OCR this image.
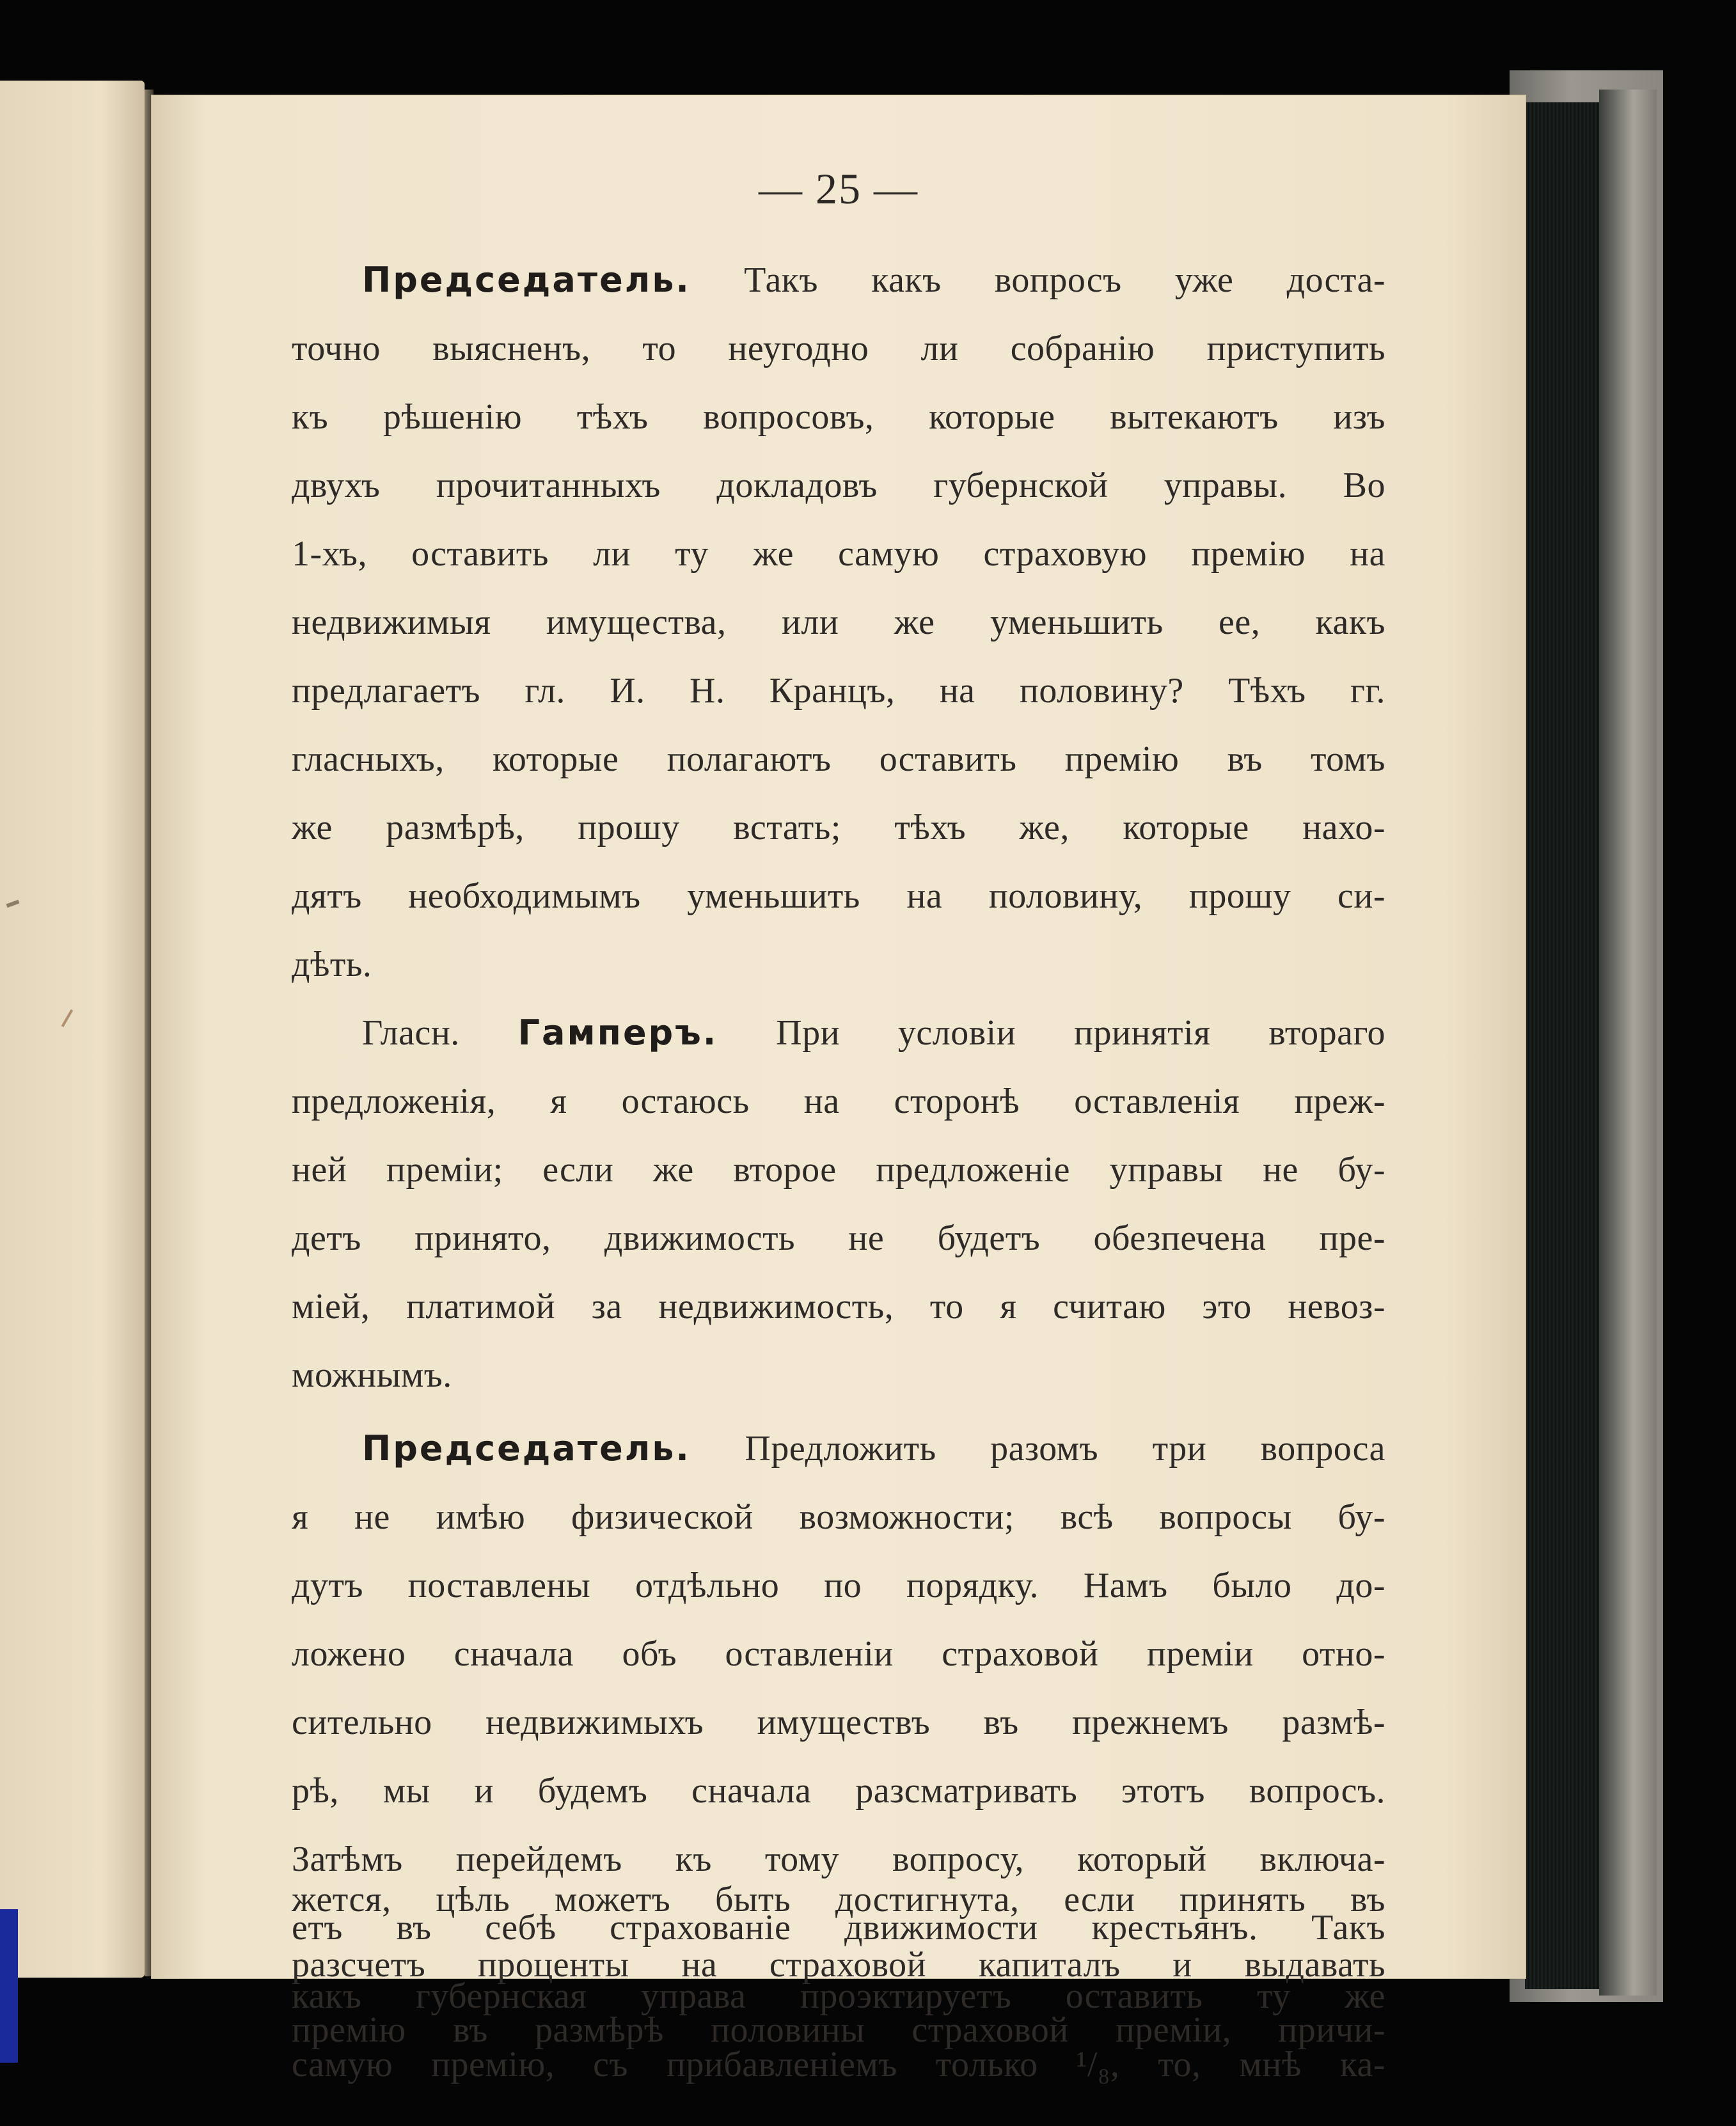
— 25 —
Председатель. Такъ какъ вопросъ уже доста-
точно выясненъ, то неугодно ли собранію приступить
къ рѣшенію тѣхъ вопросовъ, которые вытекаютъ изъ
двухъ прочитанныхъ докладовъ губернской управы. Во
1-хъ, оставить ли ту же самую страховую премію на
недвижимыя имущества, или же уменьшить ее, какъ
предлагаетъ гл. И. Н. Кранцъ, на половину? Тѣхъ гг.
гласныхъ, которые полагаютъ оставить премію въ томъ
же размѣрѣ, прошу встать; тѣхъ же, которые нахо-
дятъ необходимымъ уменьшить на половину, прошу си-
дѣть.
Гласн. Гамперъ. При условіи принятія втораго
предложенія, я остаюсь на сторонѣ оставленія преж-
ней преміи; если же второе предложеніе управы не бу-
детъ принято, движимость не будетъ обезпечена пре-
міей, платимой за недвижимость, то я считаю это невоз-
можнымъ.
Председатель. Предложить разомъ три вопроса
я не имѣю физической возможности; всѣ вопросы бу-
дутъ поставлены отдѣльно по порядку. Намъ было до-
ложено сначала объ оставленіи страховой преміи отно-
сительно недвижимыхъ имуществъ въ прежнемъ размѣ-
рѣ, мы и будемъ сначала разсматривать этотъ вопросъ.
Затѣмъ перейдемъ къ тому вопросу, который включа-
етъ въ себѣ страхованіе движимости крестьянъ. Такъ
какъ губернская управа проэктируетъ оставить ту же
самую премію, съ прибавленіемъ только ¹/₈, то, мнѣ ка-
жется, цѣль можетъ быть достигнута, если принять въ
разсчетъ проценты на страховой капиталъ и выдавать
премію въ размѣрѣ половины страховой преміи, причи-
